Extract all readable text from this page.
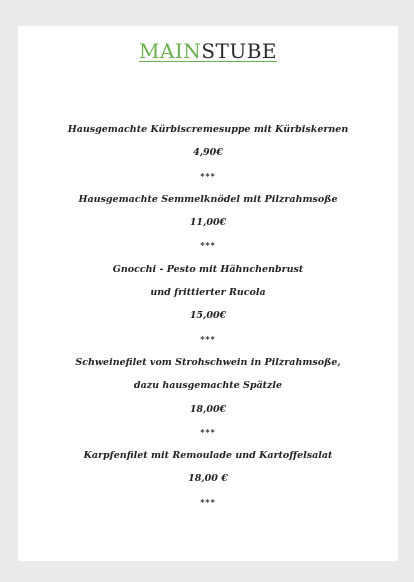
MAINSTUBE
Hausgemachte Kürbiscremesuppe mit Kürbiskernen
4,90€
***
Hausgemachte Semmelknödel mit Pilzrahmsoße
11,00€
***
Gnocchi - Pesto mit Hähnchenbrust
und frittierter Rucola
15,00€
***
Schweinefilet vom Strohschwein in Pilzrahmsoße,
dazu hausgemachte Spätzle
18,00€
***
Karpfenfilet mit Remoulade und Kartoffelsalat
18,00 €
***
